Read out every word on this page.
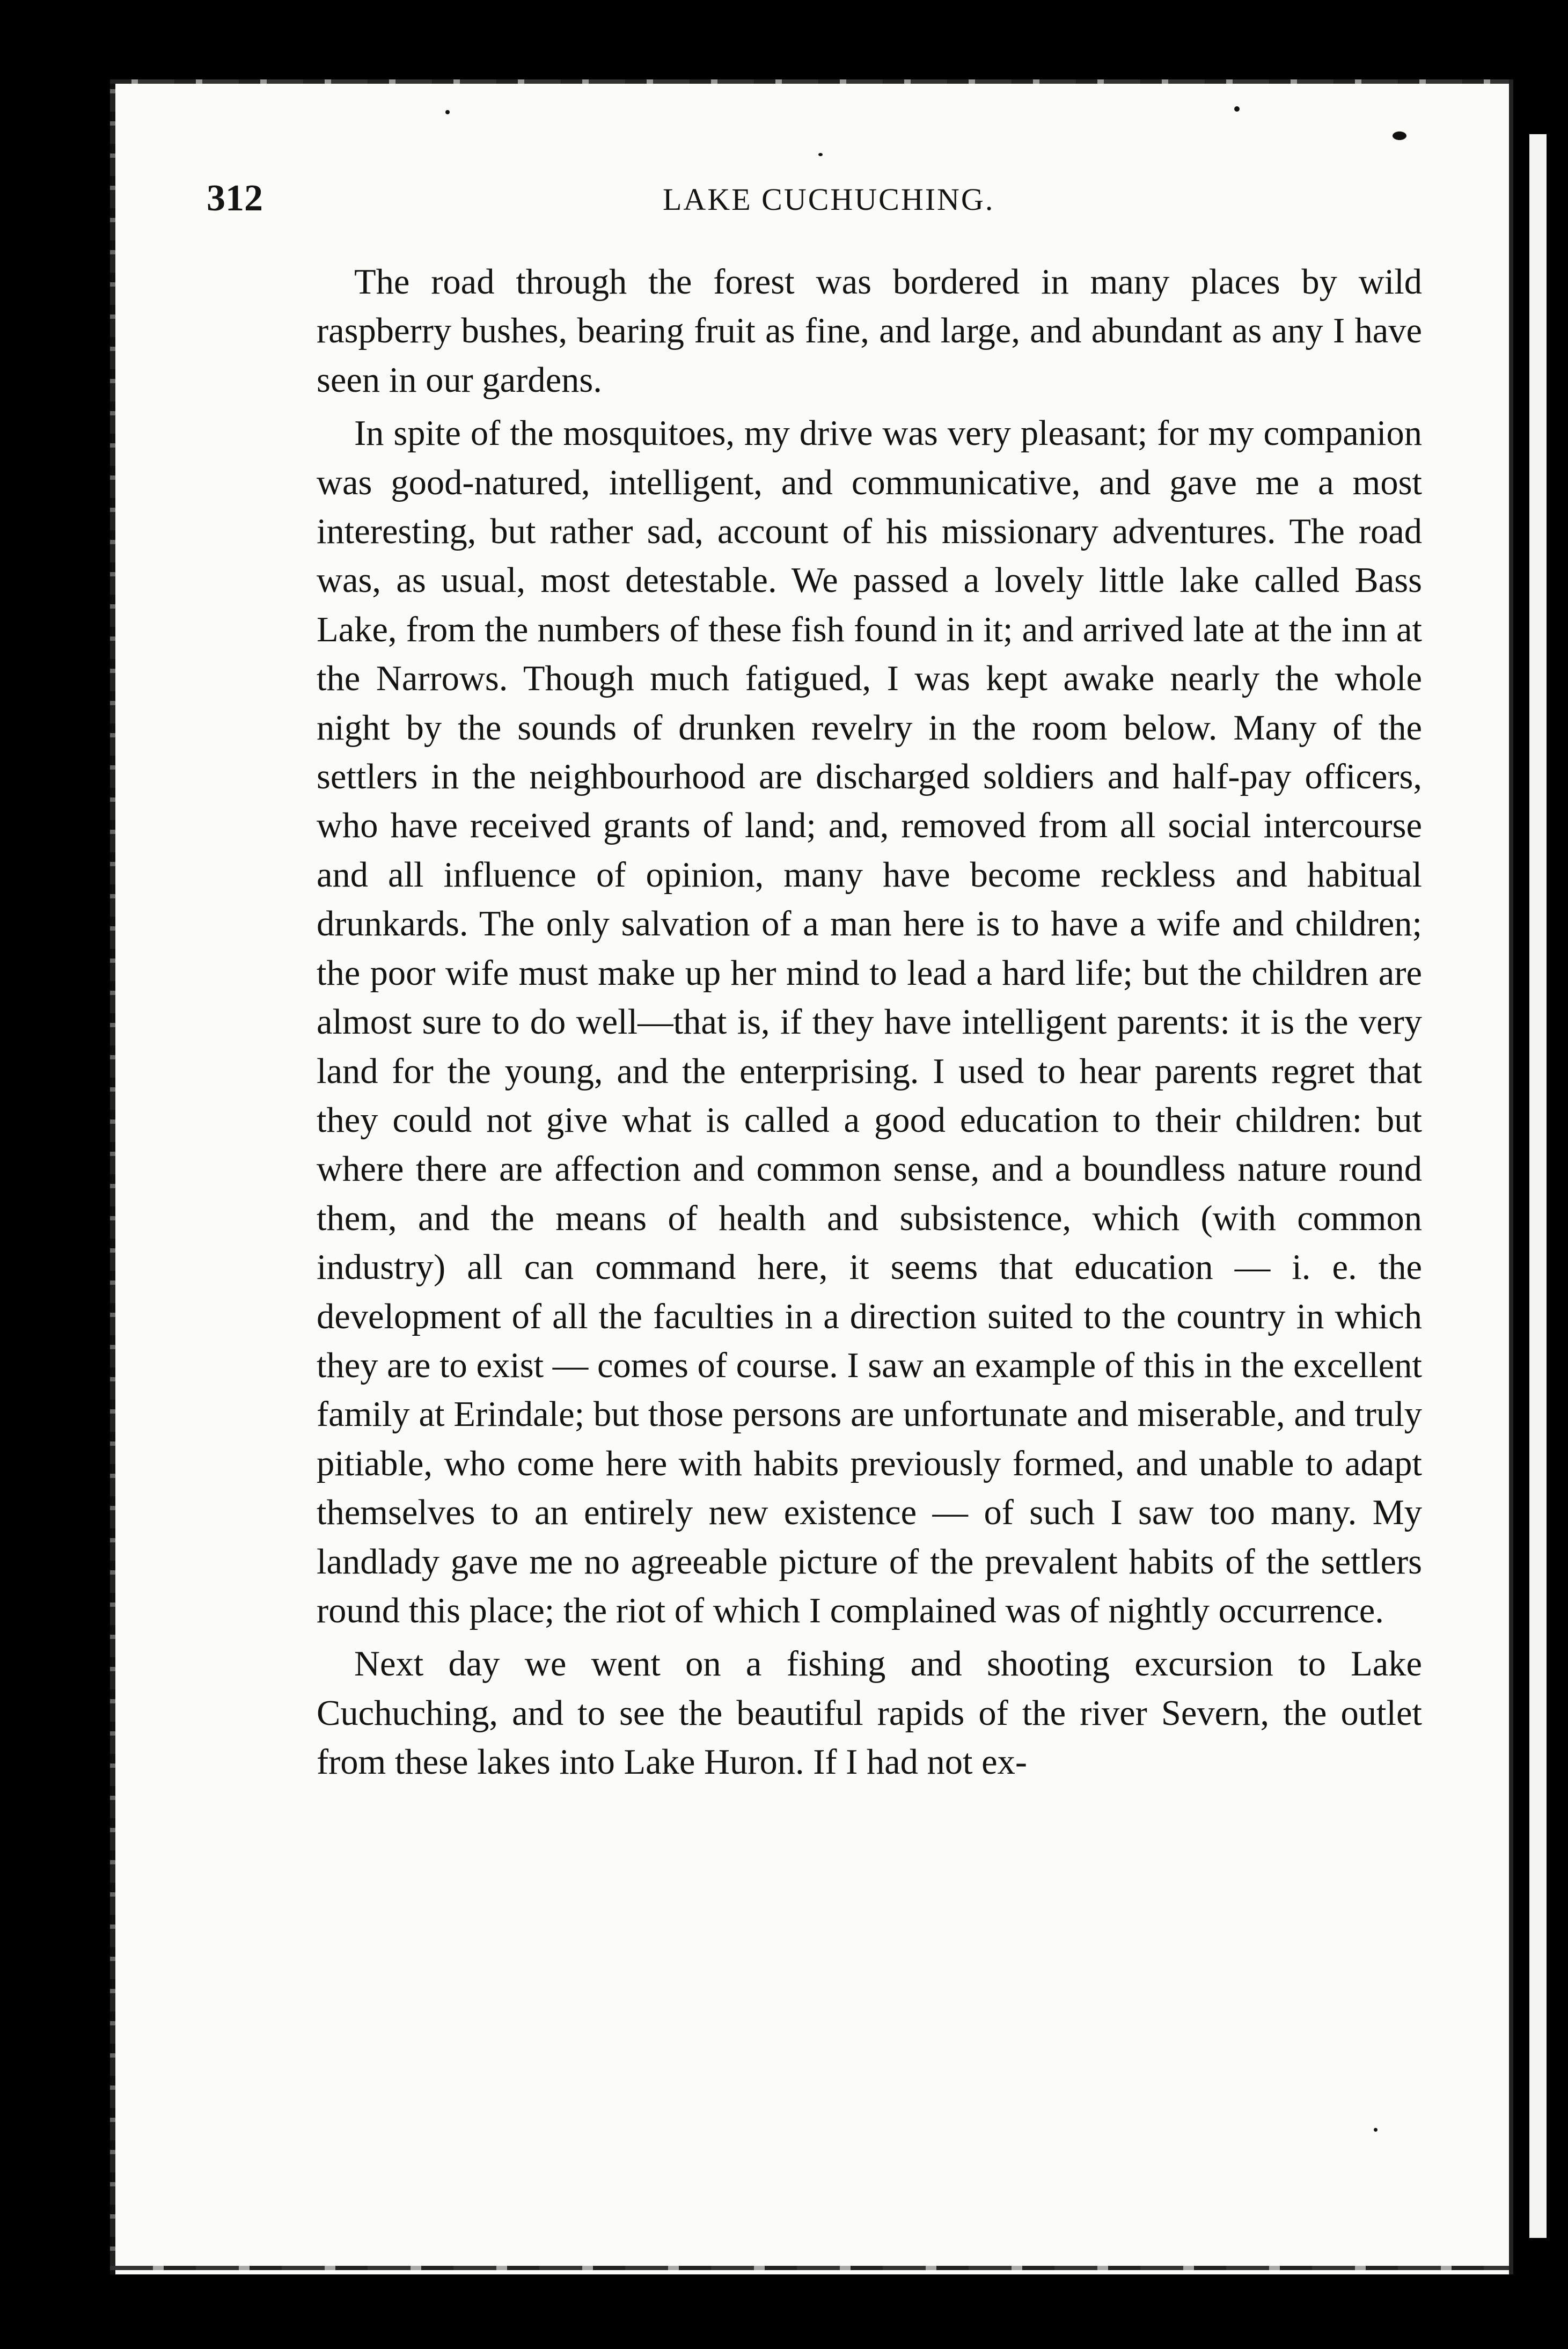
312	LAKE CUCHUCHING.

The road through the forest was bordered in many places by wild raspberry bushes, bearing fruit as fine, and large, and abundant as any I have seen in our gardens.

In spite of the mosquitoes, my drive was very pleasant; for my companion was good-natured, intelligent, and communicative, and gave me a most interesting, but rather sad, account of his missionary adventures. The road was, as usual, most detestable. We passed a lovely little lake called Bass Lake, from the numbers of these fish found in it; and arrived late at the inn at the Narrows. Though much fatigued, I was kept awake nearly the whole night by the sounds of drunken revelry in the room below. Many of the settlers in the neighbourhood are discharged soldiers and half-pay officers, who have received grants of land; and, removed from all social intercourse and all influence of opinion, many have become reckless and habitual drunkards. The only salvation of a man here is to have a wife and children; the poor wife must make up her mind to lead a hard life; but the children are almost sure to do well—that is, if they have intelligent parents: it is the very land for the young, and the enterprising. I used to hear parents regret that they could not give what is called a good education to their children: but where there are affection and common sense, and a boundless nature round them, and the means of health and subsistence, which (with common industry) all can command here, it seems that education — i. e. the development of all the faculties in a direction suited to the country in which they are to exist — comes of course. I saw an example of this in the excellent family at Erindale; but those persons are unfortunate and miserable, and truly pitiable, who come here with habits previously formed, and unable to adapt themselves to an entirely new existence — of such I saw too many. My landlady gave me no agreeable picture of the prevalent habits of the settlers round this place; the riot of which I complained was of nightly occurrence.

Next day we went on a fishing and shooting excursion to Lake Cuchuching, and to see the beautiful rapids of the river Severn, the outlet from these lakes into Lake Huron. If I had not ex-
